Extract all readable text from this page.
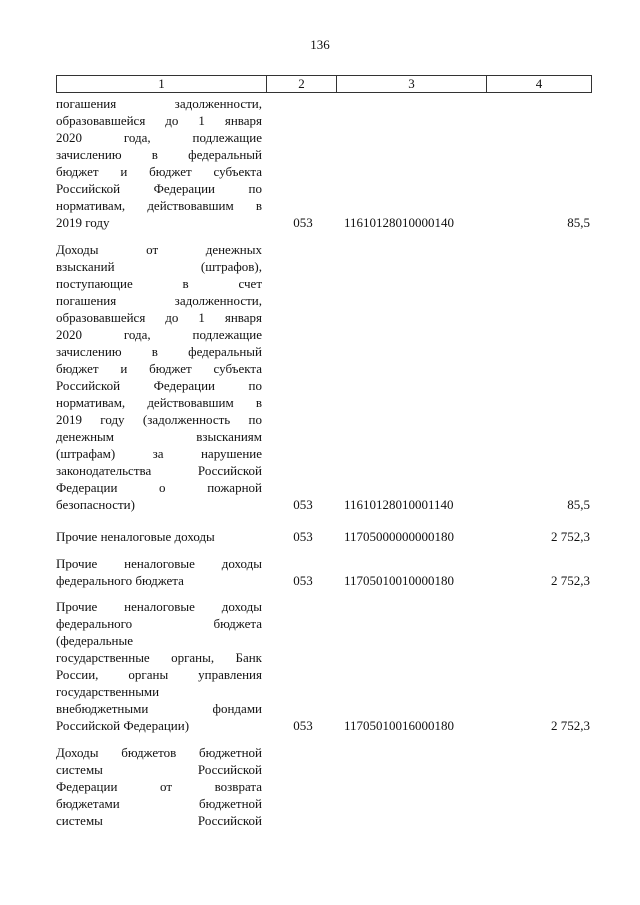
136
1	2	3	4
погашения задолженности,
образовавшейся до 1 января
2020 года, подлежащие
зачислению в федеральный
бюджет и бюджет субъекта
Российской Федерации по
нормативам, действовавшим в
2019 году	053	11610128010000140	85,5
Доходы от денежных
взысканий (штрафов),
поступающие в счет
погашения задолженности,
образовавшейся до 1 января
2020 года, подлежащие
зачислению в федеральный
бюджет и бюджет субъекта
Российской Федерации по
нормативам, действовавшим в
2019 году (задолженность по
денежным взысканиям
(штрафам) за нарушение
законодательства Российской
Федерации о пожарной
безопасности)	053	11610128010001140	85,5
Прочие неналоговые доходы	053	11705000000000180	2 752,3
Прочие неналоговые доходы
федерального бюджета	053	11705010010000180	2 752,3
Прочие неналоговые доходы
федерального бюджета
(федеральные
государственные органы, Банк
России, органы управления
государственными
внебюджетными фондами
Российской Федерации)	053	11705010016000180	2 752,3
Доходы бюджетов бюджетной
системы Российской
Федерации от возврата
бюджетами бюджетной
системы Российской
